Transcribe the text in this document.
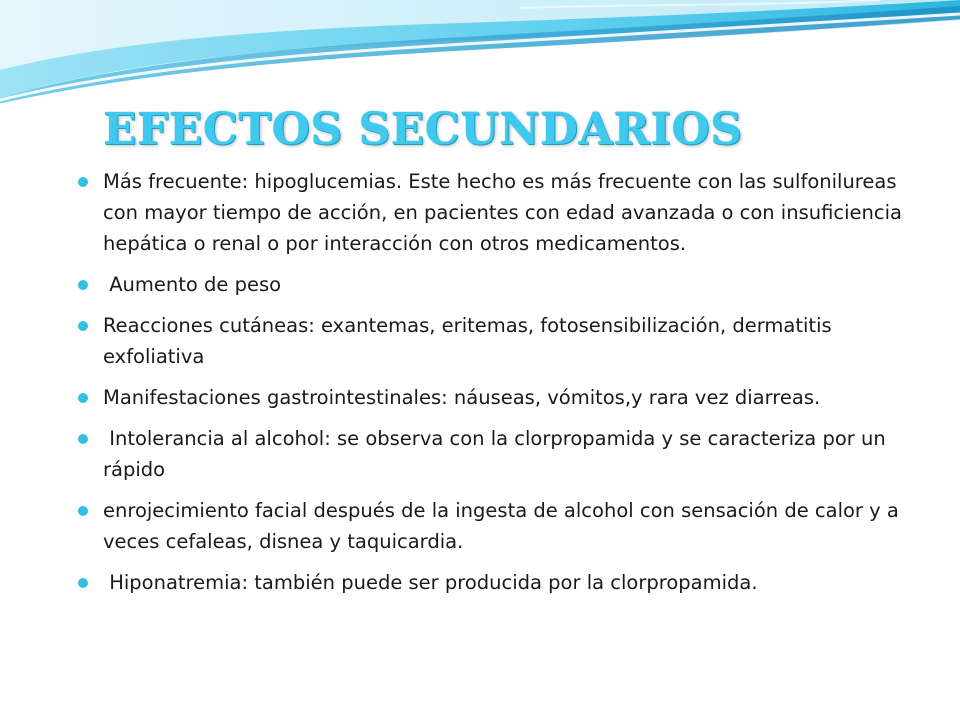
EFECTOS SECUNDARIOS
Más frecuente: hipoglucemias. Este hecho es más frecuente con las sulfonilureas con mayor tiempo de acción, en pacientes con edad avanzada o con insuficiencia hepática o renal o por interacción con otros medicamentos.
Aumento de peso
Reacciones cutáneas: exantemas, eritemas, fotosensibilización, dermatitis exfoliativa
Manifestaciones gastrointestinales: náuseas, vómitos,y rara vez diarreas.
Intolerancia al alcohol: se observa con la clorpropamida y se caracteriza por un rápido
enrojecimiento facial después de la ingesta de alcohol con sensación de calor y a veces cefaleas, disnea y taquicardia.
Hiponatremia: también puede ser producida por la clorpropamida.
